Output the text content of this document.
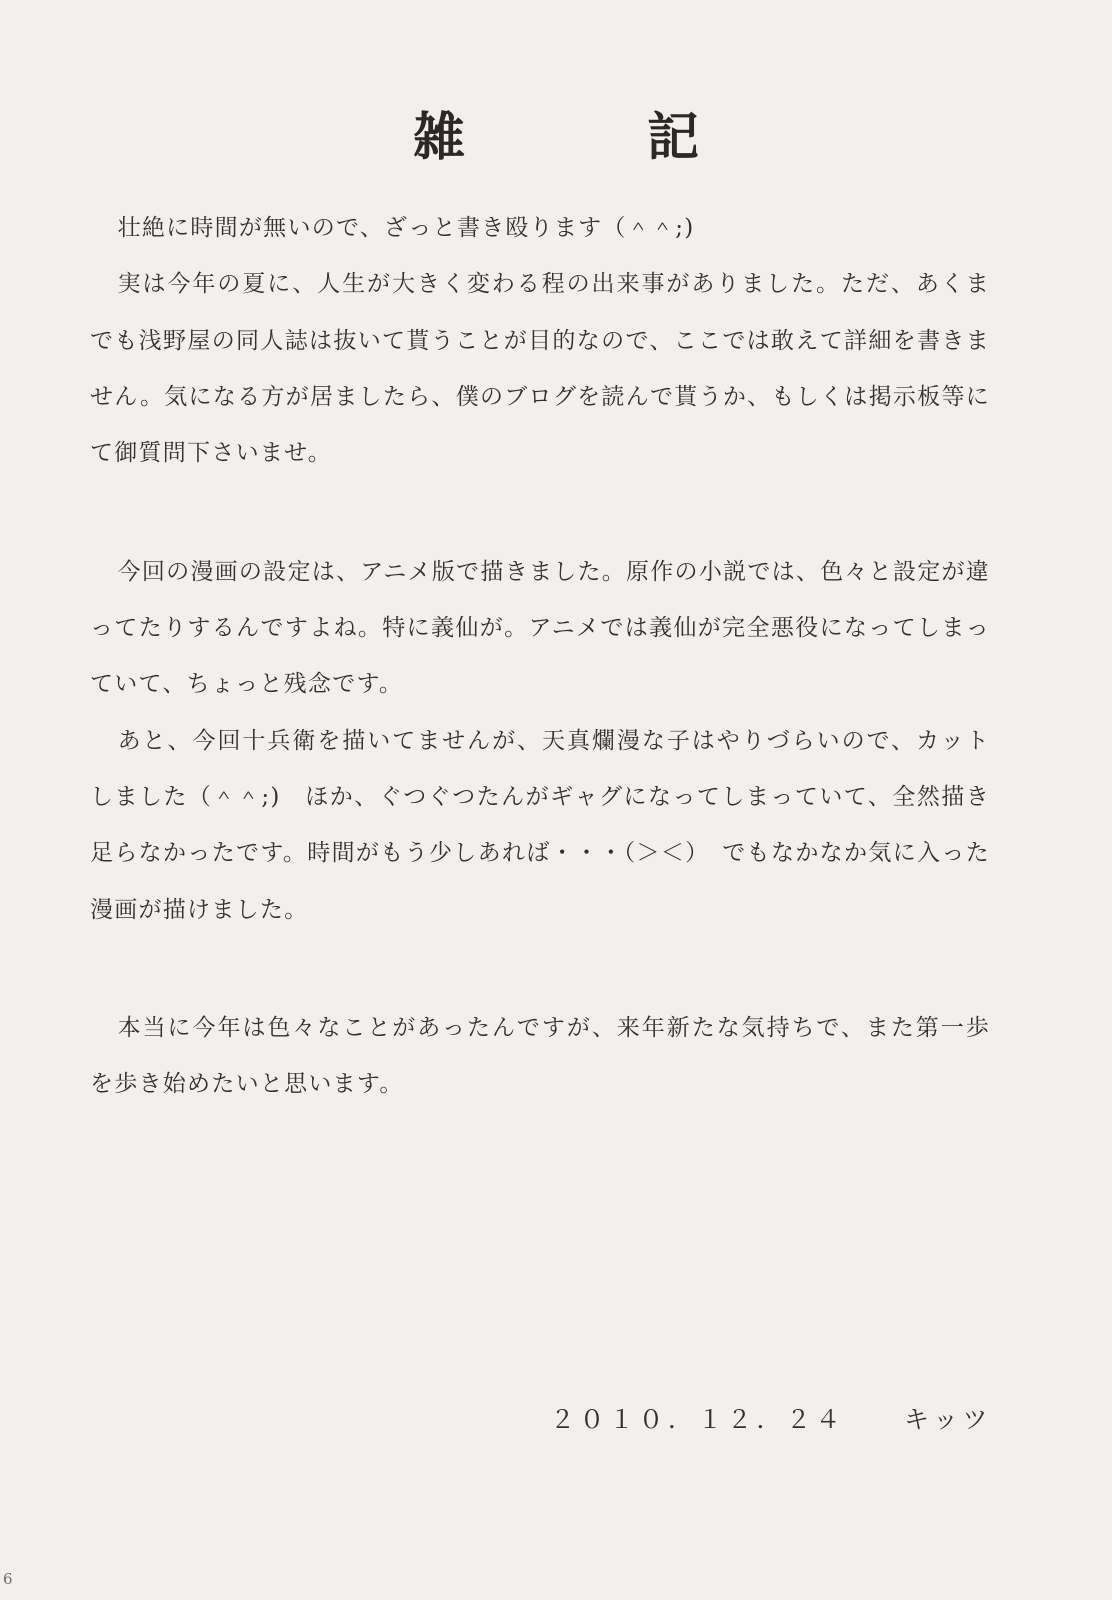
雑　　記

壮絶に時間が無いので、ざっと書き殴ります（＾＾;)

実は今年の夏に、人生が大きく変わる程の出来事がありました。ただ、あくまでも浅野屋の同人誌は抜いて貰うことが目的なので、ここでは敢えて詳細を書きません。気になる方が居ましたら、僕のブログを読んで貰うか、もしくは掲示板等にて御質問下さいませ。

今回の漫画の設定は、アニメ版で描きました。原作の小説では、色々と設定が違ってたりするんですよね。特に義仙が。アニメでは義仙が完全悪役になってしまっていて、ちょっと残念です。

あと、今回十兵衛を描いてませんが、天真爛漫な子はやりづらいので、カットしました（＾＾;)　ほか、ぐつぐつたんがギャグになってしまっていて、全然描き足らなかったです。時間がもう少しあれば・・・（＞＜）　でもなかなか気に入った漫画が描けました。

本当に今年は色々なことがあったんですが、来年新たな気持ちで、また第一歩を歩き始めたいと思います。

２０１０．１２．２４　　キッツ
6
